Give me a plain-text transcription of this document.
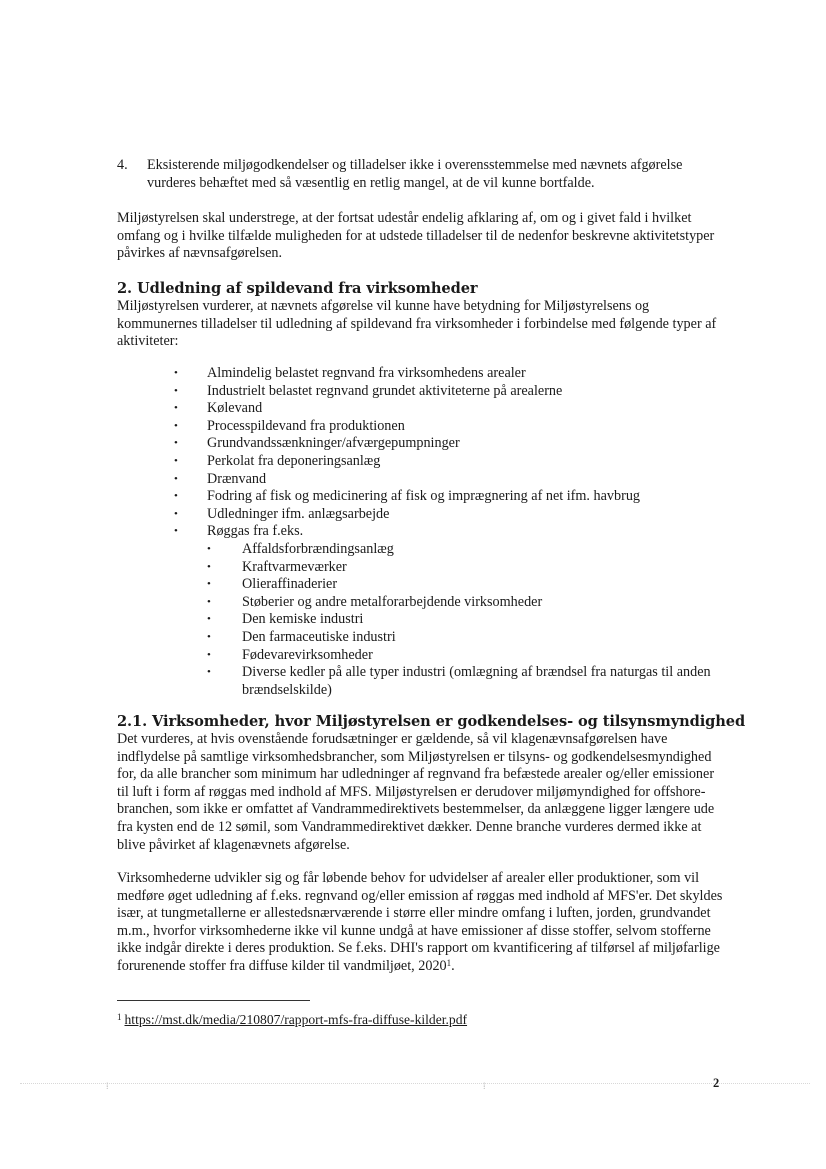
4. Eksisterende miljøgodkendelser og tilladelser ikke i overensstemmelse med nævnets afgørelse vurderes behæftet med så væsentlig en retlig mangel, at de vil kunne bortfalde.

Miljøstyrelsen skal understrege, at der fortsat udestår endelig afklaring af, om og i givet fald i hvilket omfang og i hvilke tilfælde muligheden for at udstede tilladelser til de nedenfor beskrevne aktivitetstyper påvirkes af nævnsafgørelsen.

2. Udledning af spildevand fra virksomheder

Miljøstyrelsen vurderer, at nævnets afgørelse vil kunne have betydning for Miljøstyrelsens og kommunernes tilladelser til udledning af spildevand fra virksomheder i forbindelse med følgende typer af aktiviteter:

• Almindelig belastet regnvand fra virksomhedens arealer
• Industrielt belastet regnvand grundet aktiviteterne på arealerne
• Kølevand
• Processpildevand fra produktionen
• Grundvandssænkninger/afværgepumpninger
• Perkolat fra deponeringsanlæg
• Drænvand
• Fodring af fisk og medicinering af fisk og imprægnering af net ifm. havbrug
• Udledninger ifm. anlægsarbejde
• Røggas fra f.eks.
• Affaldsforbrændingsanlæg
• Kraftvarmeværker
• Olieraffinaderier
• Støberier og andre metalforarbejdende virksomheder
• Den kemiske industri
• Den farmaceutiske industri
• Fødevarevirksomheder
• Diverse kedler på alle typer industri (omlægning af brændsel fra naturgas til anden brændselskilde)
2.1. Virksomheder, hvor Miljøstyrelsen er godkendelses- og tilsynsmyndighed

Det vurderes, at hvis ovenstående forudsætninger er gældende, så vil klagenævnsafgørelsen have indflydelse på samtlige virksomhedsbrancher, som Miljøstyrelsen er tilsyns- og godkendelsesmyndighed for, da alle brancher som minimum har udledninger af regnvand fra befæstede arealer og/eller emissioner til luft i form af røggas med indhold af MFS. Miljøstyrelsen er derudover miljømyndighed for offshore-branchen, som ikke er omfattet af Vandrammedirektivets bestemmelser, da anlæggene ligger længere ude fra kysten end de 12 sømil, som Vandrammedirektivet dækker. Denne branche vurderes dermed ikke at blive påvirket af klagenævnets afgørelse.

Virksomhederne udvikler sig og får løbende behov for udvidelser af arealer eller produktioner, som vil medføre øget udledning af f.eks. regnvand og/eller emission af røggas med indhold af MFS'er. Det skyldes især, at tungmetallerne er allestedsnærværende i større eller mindre omfang i luften, jorden, grundvandet m.m., hvorfor virksomhederne ikke vil kunne undgå at have emissioner af disse stoffer, selvom stofferne ikke indgår direkte i deres produktion. Se f.eks. DHI's rapport om kvantificering af tilførsel af miljøfarlige forurenende stoffer fra diffuse kilder til vandmiljøet, 2020$^1$.

$^1$ https://mst.dk/media/210807/rapport-mfs-fra-diffuse-kilder.pdf
⁞	⁞	2
